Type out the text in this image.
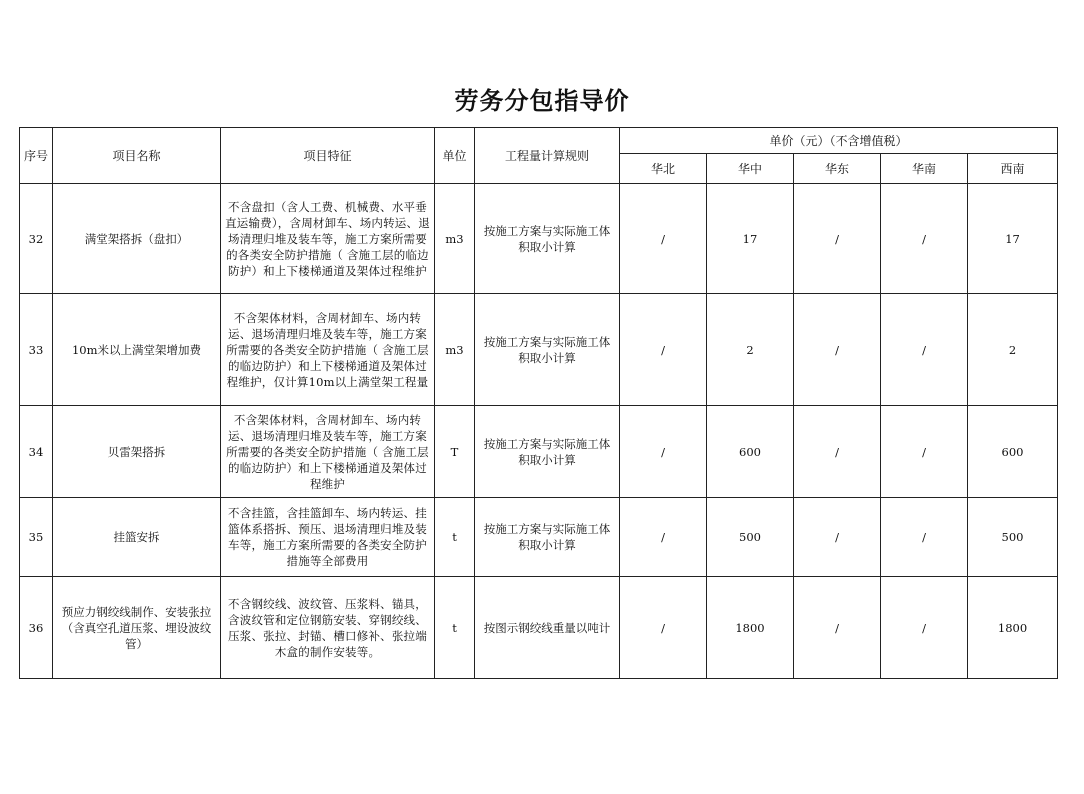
劳务分包指导价
序号	项目名称	项目特征	单位	工程量计算规则	单价（元）（不含增值税）				
					华北	华中	华东	华南	西南
32	满堂架搭拆（盘扣）	不含盘扣（含人工费、机械费、水平垂直运输费），含周材卸车、场内转运、退场清理归堆及装车等，施工方案所需要的各类安全防护措施（ 含施工层的临边防护）和上下楼梯通道及架体过程维护	m3	按施工方案与实际施工体积取小计算	/	17	/	/	17
33	10m米以上满堂架增加费	不含架体材料，含周材卸车、场内转运、退场清理归堆及装车等，施工方案所需要的各类安全防护措施（ 含施工层的临边防护）和上下楼梯通道及架体过程维护，仅计算10m以上满堂架工程量	m3	按施工方案与实际施工体积取小计算	/	2	/	/	2
34	贝雷架搭拆	不含架体材料，含周材卸车、场内转运、退场清理归堆及装车等，施工方案所需要的各类安全防护措施（ 含施工层的临边防护）和上下楼梯通道及架体过程维护	T	按施工方案与实际施工体积取小计算	/	600	/	/	600
35	挂篮安拆	不含挂篮，含挂篮卸车、场内转运、挂篮体系搭拆、预压、退场清理归堆及装车等，施工方案所需要的各类安全防护措施等全部费用	t	按施工方案与实际施工体积取小计算	/	500	/	/	500
36	预应力钢绞线制作、安装张拉（含真空孔道压浆、埋设波纹管）	不含钢绞线、波纹管、压浆料、锚具，含波纹管和定位钢筋安装、穿钢绞线、压浆、张拉、封锚、槽口修补、张拉端木盒的制作安装等。	t	按图示钢绞线重量以吨计	/	1800	/	/	1800
